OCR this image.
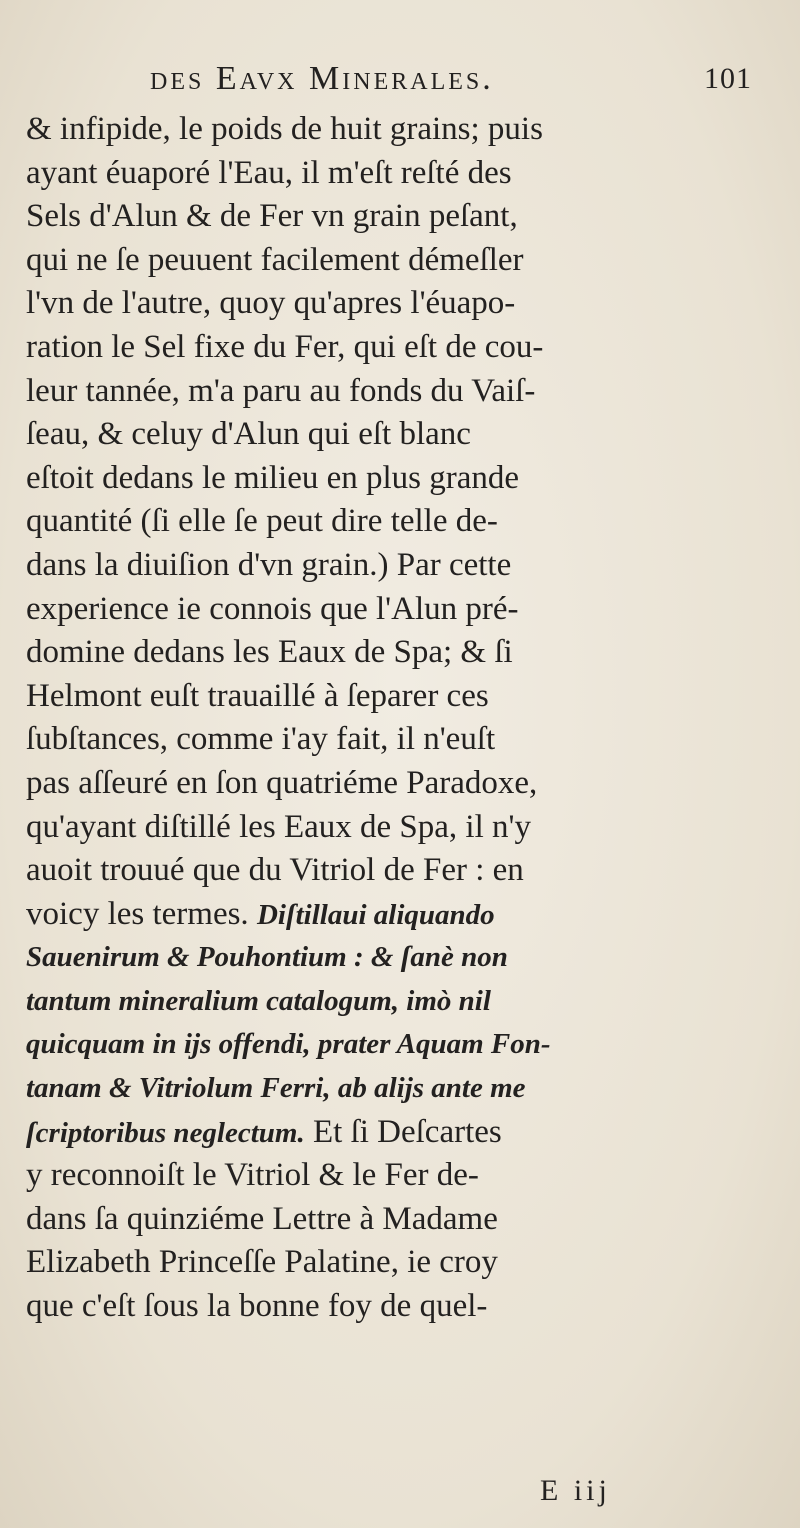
des Eavx Minerales.	101
& infipide, le poids de huit grains; puis
ayant éuaporé l'Eau, il m'eſt reſté des
Sels d'Alun & de Fer vn grain peſant,
qui ne ſe peuuent facilement démeſler
l'vn de l'autre, quoy qu'apres l'éuapo-
ration le Sel fixe du Fer, qui eſt de cou-
leur tannée, m'a paru au fonds du Vaiſ-
ſeau, & celuy d'Alun qui eſt blanc
eſtoit dedans le milieu en plus grande
quantité (ſi elle ſe peut dire telle de-
dans la diuiſion d'vn grain.) Par cette
experience ie connois que l'Alun pré-
domine dedans les Eaux de Spa; & ſi
Helmont euſt trauaillé à ſeparer ces
ſubſtances, comme i'ay fait, il n'euſt
pas aſſeuré en ſon quatriéme Paradoxe,
qu'ayant diſtillé les Eaux de Spa, il n'y
auoit trouué que du Vitriol de Fer : en
voicy les termes. Diſtillaui aliquando
Sauenirum & Pouhontium : & ſanè non
tantum mineralium catalogum, imò nil
quicquam in ijs offendi, prater Aquam Fon-
tanam & Vitriolum Ferri, ab alijs ante me
ſcriptoribus neglectum. Et ſi Deſcartes
y reconnoiſt le Vitriol & le Fer de-
dans ſa quinziéme Lettre à Madame
Elizabeth Princeſſe Palatine, ie croy
que c'eſt ſous la bonne foy de quel-
E iij
